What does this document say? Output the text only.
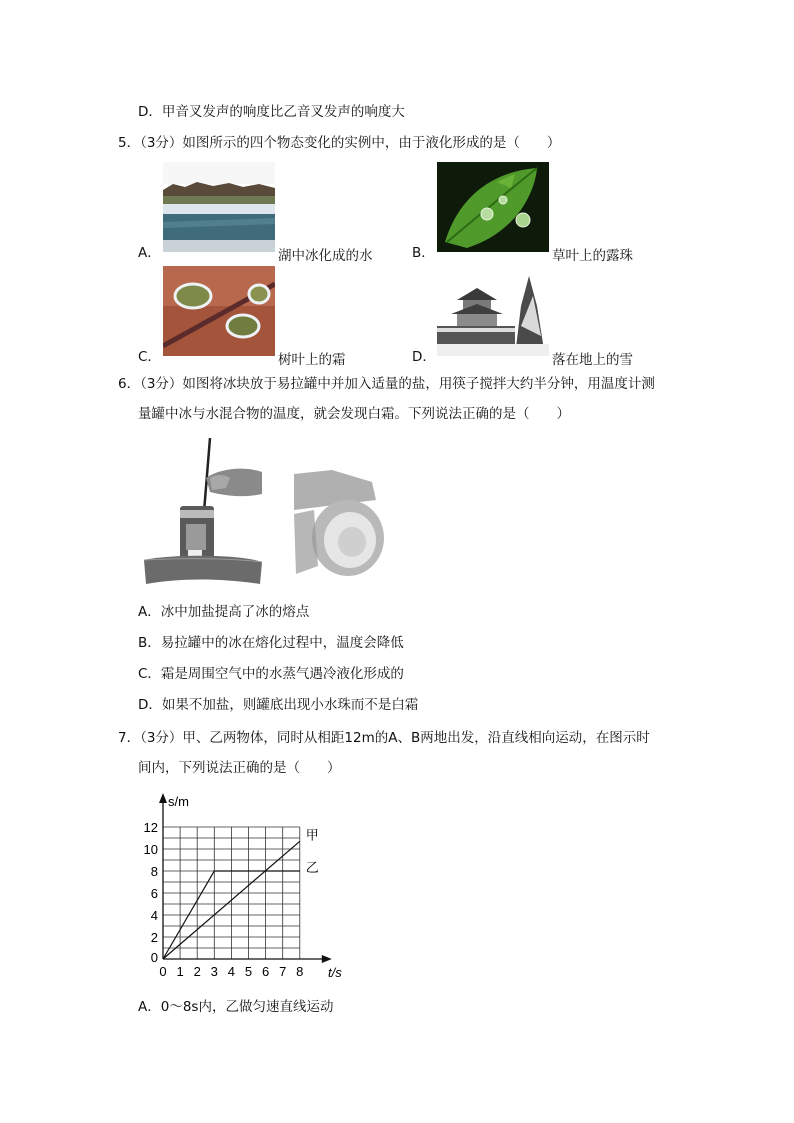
D．甲音叉发声的响度比乙音叉发声的响度大
5．（3分）如图所示的四个物态变化的实例中，由于液化形成的是（　　）
A．	湖中冰化成的水	B．	草叶上的露珠
C．	树叶上的霜	D．	落在地上的雪
6．（3分）如图将冰块放于易拉罐中并加入适量的盐，用筷子搅拌大约半分钟，用温度计测
量罐中冰与水混合物的温度，就会发现白霜。下列说法正确的是（　　）
A．冰中加盐提高了冰的熔点
B．易拉罐中的冰在熔化过程中，温度会降低
C．霜是周围空气中的水蒸气遇冷液化形成的
D．如果不加盐，则罐底出现小水珠而不是白霜
7．（3分）甲、乙两物体，同时从相距12m的A、B两地出发，沿直线相向运动，在图示时
间内，下列说法正确的是（　　）
甲
乙
0 1 2 3 4 5 6 7 8
0
2
4
6
8
10
12
s/m
t/s
A．0～8s内，乙做匀速直线运动
